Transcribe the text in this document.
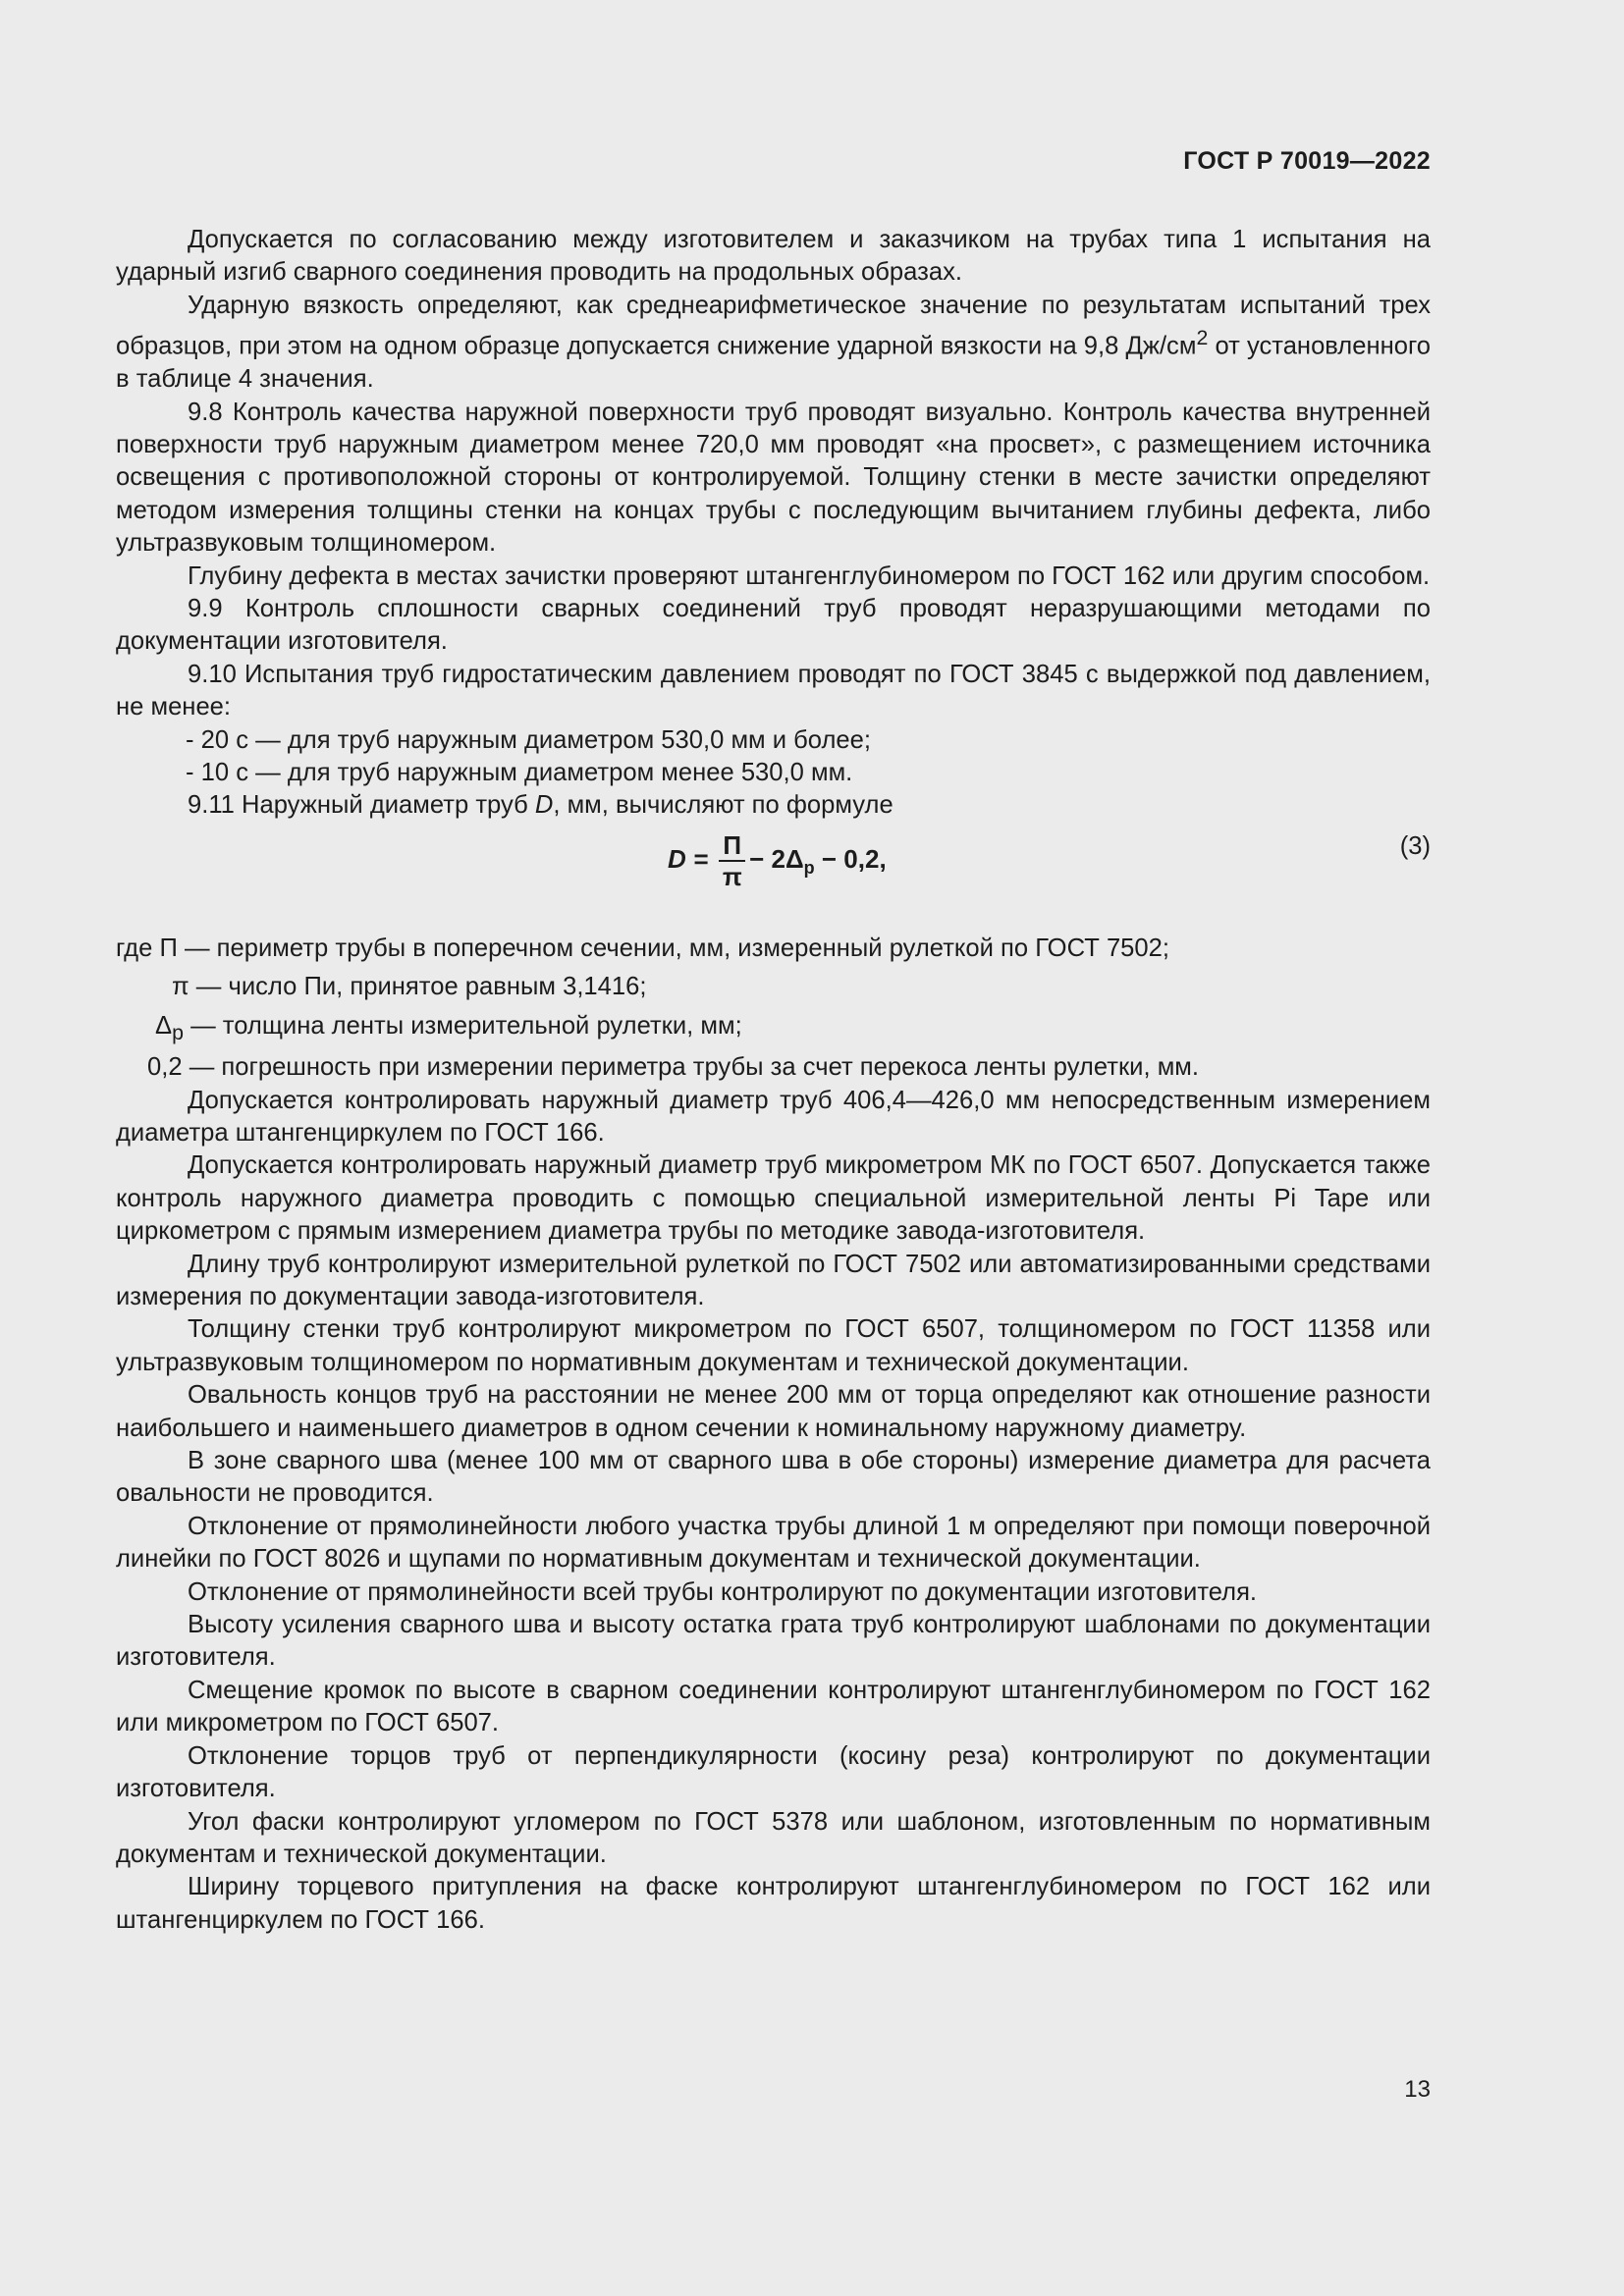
ГОСТ Р 70019—2022

Допускается по согласованию между изготовителем и заказчиком на трубах типа 1 испытания на ударный изгиб сварного соединения проводить на продольных образах.

Ударную вязкость определяют, как среднеарифметическое значение по результатам испытаний трех образцов, при этом на одном образце допускается снижение ударной вязкости на 9,8 $Дж/см^2$ от установленного в таблице 4 значения.

9.8 Контроль качества наружной поверхности труб проводят визуально. Контроль качества внутренней поверхности труб наружным диаметром менее 720,0 мм проводят «на просвет», с размещением источника освещения с противоположной стороны от контролируемой. Толщину стенки в месте зачистки определяют методом измерения толщины стенки на концах трубы с последующим вычитанием глубины дефекта, либо ультразвуковым толщиномером.

Глубину дефекта в местах зачистки проверяют штангенглубиномером по ГОСТ 162 или другим способом.

9.9 Контроль сплошности сварных соединений труб проводят неразрушающими методами по документации изготовителя.

9.10 Испытания труб гидростатическим давлением проводят по ГОСТ 3845 с выдержкой под давлением, не менее:

- 20 с — для труб наружным диаметром 530,0 мм и более;

- 10 с — для труб наружным диаметром менее 530,0 мм.

9.11 Наружный диаметр труб D, мм, вычисляют по формуле

$D = \frac{П}{\pi} - 2\Delta_р - 0,2$,	(3)

где П — периметр трубы в поперечном сечении, мм, измеренный рулеткой по ГОСТ 7502;

π — число Пи, принятое равным 3,1416;

$\Delta_р$ — толщина ленты измерительной рулетки, мм;

0,2 — погрешность при измерении периметра трубы за счет перекоса ленты рулетки, мм.

Допускается контролировать наружный диаметр труб 406,4—426,0 мм непосредственным измерением диаметра штангенциркулем по ГОСТ 166.

Допускается контролировать наружный диаметр труб микрометром МК по ГОСТ 6507. Допускается также контроль наружного диаметра проводить с помощью специальной измерительной ленты Pi Tape или циркометром с прямым измерением диаметра трубы по методике завода-изготовителя.

Длину труб контролируют измерительной рулеткой по ГОСТ 7502 или автоматизированными средствами измерения по документации завода-изготовителя.

Толщину стенки труб контролируют микрометром по ГОСТ 6507, толщиномером по ГОСТ 11358 или ультразвуковым толщиномером по нормативным документам и технической документации.

Овальность концов труб на расстоянии не менее 200 мм от торца определяют как отношение разности наибольшего и наименьшего диаметров в одном сечении к номинальному наружному диаметру.

В зоне сварного шва (менее 100 мм от сварного шва в обе стороны) измерение диаметра для расчета овальности не проводится.

Отклонение от прямолинейности любого участка трубы длиной 1 м определяют при помощи поверочной линейки по ГОСТ 8026 и щупами по нормативным документам и технической документации.

Отклонение от прямолинейности всей трубы контролируют по документации изготовителя.

Высоту усиления сварного шва и высоту остатка грата труб контролируют шаблонами по документации изготовителя.

Смещение кромок по высоте в сварном соединении контролируют штангенглубиномером по ГОСТ 162 или микрометром по ГОСТ 6507.

Отклонение торцов труб от перпендикулярности (косину реза) контролируют по документации изготовителя.

Угол фаски контролируют угломером по ГОСТ 5378 или шаблоном, изготовленным по нормативным документам и технической документации.

Ширину торцевого притупления на фаске контролируют штангенглубиномером по ГОСТ 162 или штангенциркулем по ГОСТ 166.

13
